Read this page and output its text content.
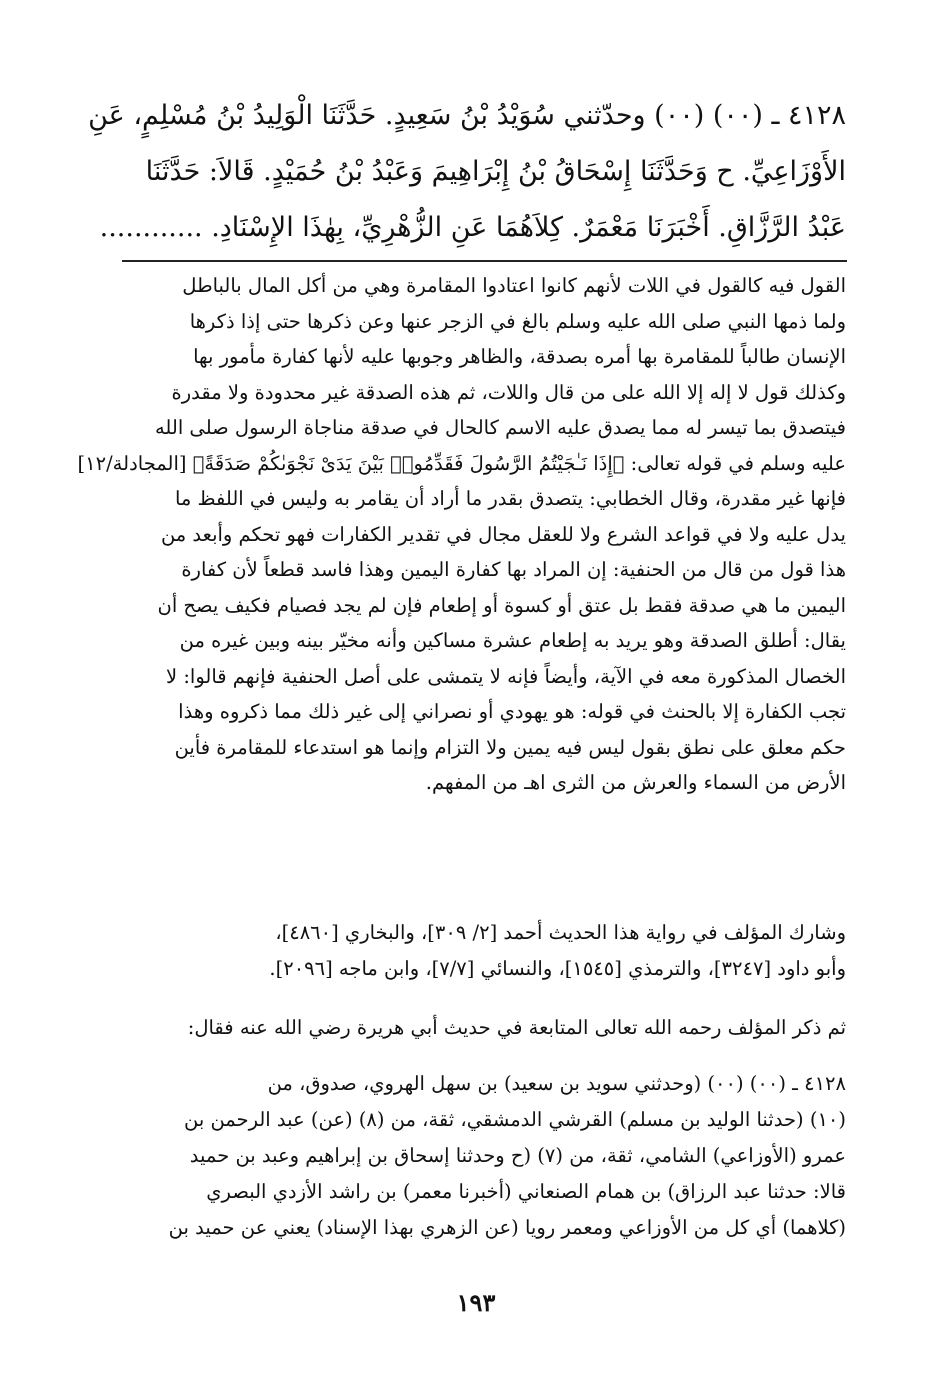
٤١٢٨ ـ (٠٠) (٠٠) وحدّثني سُوَيْدُ بْنُ سَعِيدٍ. حَدَّثَنَا الْوَلِيدُ بْنُ مُسْلِمٍ، عَنِ
الأَوْزَاعِيِّ. ح وَحَدَّثَنَا إِسْحَاقُ بْنُ إِبْرَاهِيمَ وَعَبْدُ بْنُ حُمَيْدٍ. قَالاَ: حَدَّثَنَا
عَبْدُ الرَّزَّاقِ. أَخْبَرَنَا مَعْمَرٌ. كِلاَهُمَا عَنِ الزُّهْرِيِّ، بِهٰذَا الإِسْنَادِ. ............
القول فيه كالقول في اللات لأنهم كانوا اعتادوا المقامرة وهي من أكل المال بالباطل
ولما ذمها النبي صلى الله عليه وسلم بالغ في الزجر عنها وعن ذكرها حتى إذا ذكرها
الإنسان طالباً للمقامرة بها أمره بصدقة، والظاهر وجوبها عليه لأنها كفارة مأمور بها
وكذلك قول لا إله إلا الله على من قال واللات، ثم هذه الصدقة غير محدودة ولا مقدرة
فيتصدق بما تيسر له مما يصدق عليه الاسم كالحال في صدقة مناجاة الرسول صلى الله
عليه وسلم في قوله تعالى: ﴿إِذَا نَـٰجَيْتُمُ الرَّسُولَ فَقَدِّمُوا۟ بَيْنَ يَدَىْ نَجْوَىٰكُمْ صَدَقَةً﴾ [المجادلة/١٢]
فإنها غير مقدرة، وقال الخطابي: يتصدق بقدر ما أراد أن يقامر به وليس في اللفظ ما
يدل عليه ولا في قواعد الشرع ولا للعقل مجال في تقدير الكفارات فهو تحكم وأبعد من
هذا قول من قال من الحنفية: إن المراد بها كفارة اليمين وهذا فاسد قطعاً لأن كفارة
اليمين ما هي صدقة فقط بل عتق أو كسوة أو إطعام فإن لم يجد فصيام فكيف يصح أن
يقال: أطلق الصدقة وهو يريد به إطعام عشرة مساكين وأنه مخيّر بينه وبين غيره من
الخصال المذكورة معه في الآية، وأيضاً فإنه لا يتمشى على أصل الحنفية فإنهم قالوا: لا
تجب الكفارة إلا بالحنث في قوله: هو يهودي أو نصراني إلى غير ذلك مما ذكروه وهذا
حكم معلق على نطق بقول ليس فيه يمين ولا التزام وإنما هو استدعاء للمقامرة فأين
الأرض من السماء والعرش من الثرى اهـ من المفهم.
وشارك المؤلف في رواية هذا الحديث أحمد [٢/ ٣٠٩]، والبخاري [٤٨٦٠]،
وأبو داود [٣٢٤٧]، والترمذي [١٥٤٥]، والنسائي [٧/٧]، وابن ماجه [٢٠٩٦].
ثم ذكر المؤلف رحمه الله تعالى المتابعة في حديث أبي هريرة رضي الله عنه فقال:
٤١٢٨ ـ (٠٠) (٠٠) (وحدثني سويد بن سعيد) بن سهل الهروي، صدوق، من
(١٠) (حدثنا الوليد بن مسلم) القرشي الدمشقي، ثقة، من (٨) (عن) عبد الرحمن بن
عمرو (الأوزاعي) الشامي، ثقة، من (٧) (ح وحدثنا إسحاق بن إبراهيم وعبد بن حميد
قالا: حدثنا عبد الرزاق) بن همام الصنعاني (أخبرنا معمر) بن راشد الأزدي البصري
(كلاهما) أي كل من الأوزاعي ومعمر رويا (عن الزهري بهذا الإسناد) يعني عن حميد بن
١٩٣
